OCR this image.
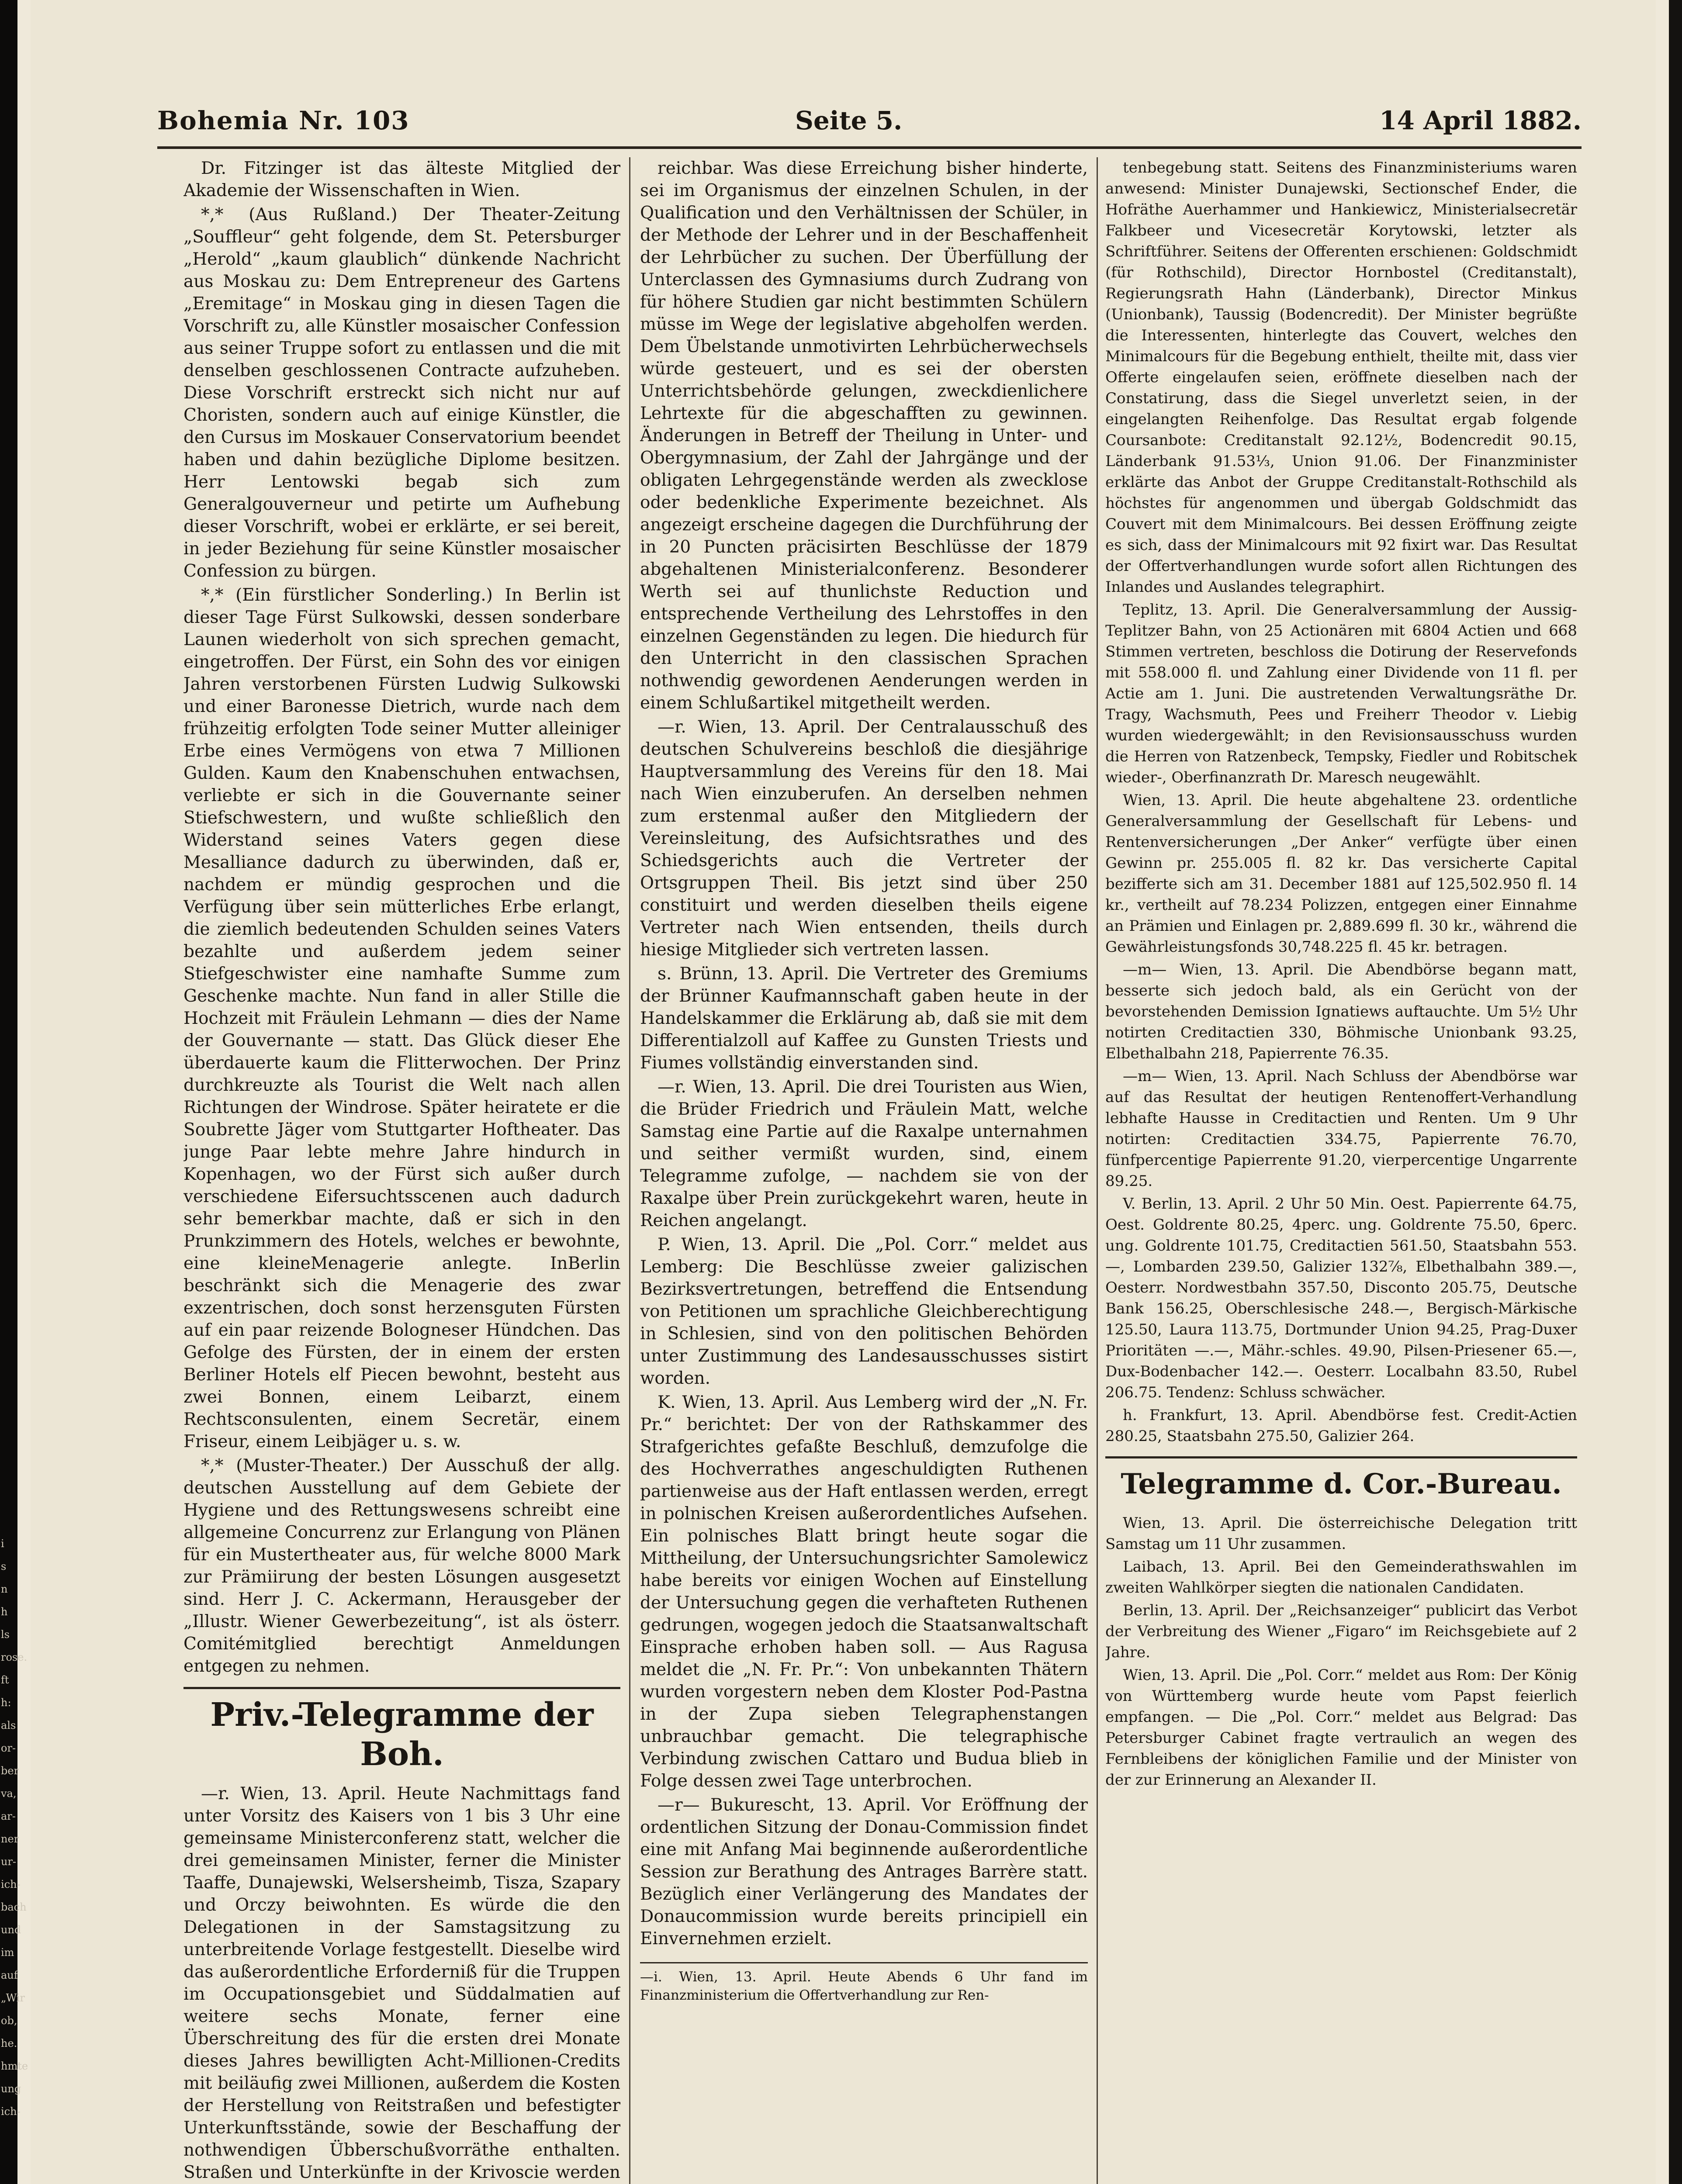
Bohemia Nr. 103	Seite 5.	14 April 1882.

Dr. Fitzinger ist das älteste Mitglied der Akademie der Wissenschaften in Wien.

*,* (Aus Rußland.) Der Theater-Zeitung „Souffleur“ geht folgende, dem St. Petersburger „Herold“ „kaum glaublich“ dünkende Nachricht aus Moskau zu: Dem Entrepreneur des Gartens „Eremitage“ in Moskau ging in diesen Tagen die Vorschrift zu, alle Künstler mosaischer Confession aus seiner Truppe sofort zu entlassen und die mit denselben geschlossenen Contracte aufzuheben. Diese Vorschrift erstreckt sich nicht nur auf Choristen, sondern auch auf einige Künstler, die den Cursus im Moskauer Conservatorium beendet haben und dahin bezügliche Diplome besitzen. Herr Lentowski begab sich zum Generalgouverneur und petirte um Aufhebung dieser Vorschrift, wobei er erklärte, er sei bereit, in jeder Beziehung für seine Künstler mosaischer Confession zu bürgen.

*,* (Ein fürstlicher Sonderling.) In Berlin ist dieser Tage Fürst Sulkowski, dessen sonderbare Launen wiederholt von sich sprechen gemacht, eingetroffen. Der Fürst, ein Sohn des vor einigen Jahren verstorbenen Fürsten Ludwig Sulkowski und einer Baronesse Dietrich, wurde nach dem frühzeitig erfolgten Tode seiner Mutter alleiniger Erbe eines Vermögens von etwa 7 Millionen Gulden. Kaum den Knabenschuhen entwachsen, verliebte er sich in die Gouvernante seiner Stiefschwestern, und wußte schließlich den Widerstand seines Vaters gegen diese Mesalliance dadurch zu überwinden, daß er, nachdem er mündig gesprochen und die Verfügung über sein mütterliches Erbe erlangt, die ziemlich bedeutenden Schulden seines Vaters bezahlte und außerdem jedem seiner Stiefgeschwister eine namhafte Summe zum Geschenke machte. Nun fand in aller Stille die Hochzeit mit Fräulein Lehmann — dies der Name der Gouvernante — statt. Das Glück dieser Ehe überdauerte kaum die Flitterwochen. Der Prinz durchkreuzte als Tourist die Welt nach allen Richtungen der Windrose. Später heiratete er die Soubrette Jäger vom Stuttgarter Hoftheater. Das junge Paar lebte mehre Jahre hindurch in Kopenhagen, wo der Fürst sich außer durch verschiedene Eifersuchtsscenen auch dadurch sehr bemerkbar machte, daß er sich in den Prunkzimmern des Hotels, welches er bewohnte, eine kleineMenagerie anlegte. InBerlin beschränkt sich die Menagerie des zwar exzentrischen, doch sonst herzensguten Fürsten auf ein paar reizende Bologneser Hündchen. Das Gefolge des Fürsten, der in einem der ersten Berliner Hotels elf Piecen bewohnt, besteht aus zwei Bonnen, einem Leibarzt, einem Rechtsconsulenten, einem Secretär, einem Friseur, einem Leibjäger u. s. w.

*,* (Muster-Theater.) Der Ausschuß der allg. deutschen Ausstellung auf dem Gebiete der Hygiene und des Rettungswesens schreibt eine allgemeine Concurrenz zur Erlangung von Plänen für ein Mustertheater aus, für welche 8000 Mark zur Prämiirung der besten Lösungen ausgesetzt sind. Herr J. C. Ackermann, Herausgeber der „Illustr. Wiener Gewerbezeitung“, ist als österr. Comitémitglied berechtigt Anmeldungen entgegen zu nehmen.

Priv.-Telegramme der Boh.

—r. Wien, 13. April. Heute Nachmittags fand unter Vorsitz des Kaisers von 1 bis 3 Uhr eine gemeinsame Ministerconferenz statt, welcher die drei gemeinsamen Minister, ferner die Minister Taaffe, Dunajewski, Welsersheimb, Tisza, Szapary und Orczy beiwohnten. Es würde die den Delegationen in der Samstagsitzung zu unterbreitende Vorlage festgestellt. Dieselbe wird das außerordentliche Erforderniß für die Truppen im Occupationsgebiet und Süddalmatien auf weitere sechs Monate, ferner eine Überschreitung des für die ersten drei Monate dieses Jahres bewilligten Acht-Millionen-Credits mit beiläufig zwei Millionen, außerdem die Kosten der Herstellung von Reitstraßen und befestigter Unterkunftsstände, sowie der Beschaffung der nothwendigen Übberschußvorräthe enthalten. Straßen und Unterkünfte in der Krivoscie werden

reichbar. Was diese Erreichung bisher hinderte, sei im Organismus der einzelnen Schulen, in der Qualification und den Verhältnissen der Schüler, in der Methode der Lehrer und in der Beschaffenheit der Lehrbücher zu suchen. Der Überfüllung der Unterclassen des Gymnasiums durch Zudrang von für höhere Studien gar nicht bestimmten Schülern müsse im Wege der legislative abgeholfen werden. Dem Übelstande unmotivirten Lehrbücherwechsels würde gesteuert, und es sei der obersten Unterrichtsbehörde gelungen, zweckdienlichere Lehrtexte für die abgeschafften zu gewinnen. Änderungen in Betreff der Theilung in Unter- und Obergymnasium, der Zahl der Jahrgänge und der obligaten Lehrgegenstände werden als zwecklose oder bedenkliche Experimente bezeichnet. Als angezeigt erscheine dagegen die Durchführung der in 20 Puncten präcisirten Beschlüsse der 1879 abgehaltenen Ministerialconferenz. Besonderer Werth sei auf thunlichste Reduction und entsprechende Vertheilung des Lehrstoffes in den einzelnen Gegenständen zu legen. Die hiedurch für den Unterricht in den classischen Sprachen nothwendig gewordenen Aenderungen werden in einem Schlußartikel mitgetheilt werden.

—r. Wien, 13. April. Der Centralausschuß des deutschen Schulvereins beschloß die diesjährige Hauptversammlung des Vereins für den 18. Mai nach Wien einzuberufen. An derselben nehmen zum erstenmal außer den Mitgliedern der Vereinsleitung, des Aufsichtsrathes und des Schiedsgerichts auch die Vertreter der Ortsgruppen Theil. Bis jetzt sind über 250 constituirt und werden dieselben theils eigene Vertreter nach Wien entsenden, theils durch hiesige Mitglieder sich vertreten lassen.

s. Brünn, 13. April. Die Vertreter des Gremiums der Brünner Kaufmannschaft gaben heute in der Handelskammer die Erklärung ab, daß sie mit dem Differentialzoll auf Kaffee zu Gunsten Triests und Fiumes vollständig einverstanden sind.

—r. Wien, 13. April. Die drei Touristen aus Wien, die Brüder Friedrich und Fräulein Matt, welche Samstag eine Partie auf die Raxalpe unternahmen und seither vermißt wurden, sind, einem Telegramme zufolge, — nachdem sie von der Raxalpe über Prein zurückgekehrt waren, heute in Reichen angelangt.

P. Wien, 13. April. Die „Pol. Corr.“ meldet aus Lemberg: Die Beschlüsse zweier galizischen Bezirksvertretungen, betreffend die Entsendung von Petitionen um sprachliche Gleichberechtigung in Schlesien, sind von den politischen Behörden unter Zustimmung des Landesausschusses sistirt worden.

K. Wien, 13. April. Aus Lemberg wird der „N. Fr. Pr.“ berichtet: Der von der Rathskammer des Strafgerichtes gefaßte Beschluß, demzufolge die des Hochverrathes angeschuldigten Ruthenen partienweise aus der Haft entlassen werden, erregt in polnischen Kreisen außerordentliches Aufsehen. Ein polnisches Blatt bringt heute sogar die Mittheilung, der Untersuchungsrichter Samolewicz habe bereits vor einigen Wochen auf Einstellung der Untersuchung gegen die verhafteten Ruthenen gedrungen, wogegen jedoch die Staatsanwaltschaft Einsprache erhoben haben soll. — Aus Ragusa meldet die „N. Fr. Pr.“: Von unbekannten Thätern wurden vorgestern neben dem Kloster Pod-Pastna in der Zupa sieben Telegraphenstangen unbrauchbar gemacht. Die telegraphische Verbindung zwischen Cattaro und Budua blieb in Folge dessen zwei Tage unterbrochen.

—r— Bukurescht, 13. April. Vor Eröffnung der ordentlichen Sitzung der Donau-Commission findet eine mit Anfang Mai beginnende außerordentliche Session zur Berathung des Antrages Barrère statt. Bezüglich einer Verlängerung des Mandates der Donaucommission wurde bereits principiell ein Einvernehmen erzielt.

—i. Wien, 13. April. Heute Abends 6 Uhr fand im Finanzministerium die Offertverhandlung zur Ren-

tenbegebung statt. Seitens des Finanzministeriums waren anwesend: Minister Dunajewski, Sectionschef Ender, die Hofräthe Auerhammer und Hankiewicz, Ministerialsecretär Falkbeer und Vicesecretär Korytowski, letzter als Schriftführer. Seitens der Offerenten erschienen: Goldschmidt (für Rothschild), Director Hornbostel (Creditanstalt), Regierungsrath Hahn (Länderbank), Director Minkus (Unionbank), Taussig (Bodencredit). Der Minister begrüßte die Interessenten, hinterlegte das Couvert, welches den Minimalcours für die Begebung enthielt, theilte mit, dass vier Offerte eingelaufen seien, eröffnete dieselben nach der Constatirung, dass die Siegel unverletzt seien, in der eingelangten Reihenfolge. Das Resultat ergab folgende Coursanbote: Creditanstalt 92.12½, Bodencredit 90.15, Länderbank 91.53⅓, Union 91.06. Der Finanzminister erklärte das Anbot der Gruppe Creditanstalt-Rothschild als höchstes für angenommen und übergab Goldschmidt das Couvert mit dem Minimalcours. Bei dessen Eröffnung zeigte es sich, dass der Minimalcours mit 92 fixirt war. Das Resultat der Offertverhandlungen wurde sofort allen Richtungen des Inlandes und Auslandes telegraphirt.

Teplitz, 13. April. Die Generalversammlung der Aussig-Teplitzer Bahn, von 25 Actionären mit 6804 Actien und 668 Stimmen vertreten, beschloss die Dotirung der Reservefonds mit 558.000 fl. und Zahlung einer Dividende von 11 fl. per Actie am 1. Juni. Die austretenden Verwaltungsräthe Dr. Tragy, Wachsmuth, Pees und Freiherr Theodor v. Liebig wurden wiedergewählt; in den Revisionsausschuss wurden die Herren von Ratzenbeck, Tempsky, Fiedler und Robitschek wieder-, Oberfinanzrath Dr. Maresch neugewählt.

Wien, 13. April. Die heute abgehaltene 23. ordentliche Generalversammlung der Gesellschaft für Lebens- und Rentenversicherungen „Der Anker“ verfügte über einen Gewinn pr. 255.005 fl. 82 kr. Das versicherte Capital bezifferte sich am 31. December 1881 auf 125,502.950 fl. 14 kr., vertheilt auf 78.234 Polizzen, entgegen einer Einnahme an Prämien und Einlagen pr. 2,889.699 fl. 30 kr., während die Gewährleistungsfonds 30,748.225 fl. 45 kr. betragen.

—m— Wien, 13. April. Die Abendbörse begann matt, besserte sich jedoch bald, als ein Gerücht von der bevorstehenden Demission Ignatiews auftauchte. Um 5½ Uhr notirten Creditactien 330, Böhmische Unionbank 93.25, Elbethalbahn 218, Papierrente 76.35.

—m— Wien, 13. April. Nach Schluss der Abendbörse war auf das Resultat der heutigen Rentenoffert-Verhandlung lebhafte Hausse in Creditactien und Renten. Um 9 Uhr notirten: Creditactien 334.75, Papierrente 76.70, fünfpercentige Papierrente 91.20, vierpercentige Ungarrente 89.25.

V. Berlin, 13. April. 2 Uhr 50 Min. Oest. Papierrente 64.75, Oest. Goldrente 80.25, 4perc. ung. Goldrente 75.50, 6perc. ung. Goldrente 101.75, Creditactien 561.50, Staatsbahn 553.—, Lombarden 239.50, Galizier 132⅞, Elbethalbahn 389.—, Oesterr. Nordwestbahn 357.50, Disconto 205.75, Deutsche Bank 156.25, Oberschlesische 248.—, Bergisch-Märkische 125.50, Laura 113.75, Dortmunder Union 94.25, Prag-Duxer Prioritäten —.—, Mähr.-schles. 49.90, Pilsen-Priesener 65.—, Dux-Bodenbacher 142.—. Oesterr. Localbahn 83.50, Rubel 206.75. Tendenz: Schluss schwächer.

h. Frankfurt, 13. April. Abendbörse fest. Credit-Actien 280.25, Staatsbahn 275.50, Galizier 264.

Telegramme d. Cor.-Bureau.

Wien, 13. April. Die österreichische Delegation tritt Samstag um 11 Uhr zusammen.

Laibach, 13. April. Bei den Gemeinderathswahlen im zweiten Wahlkörper siegten die nationalen Candidaten.

Berlin, 13. April. Der „Reichsanzeiger“ publicirt das Verbot der Verbreitung des Wiener „Figaro“ im Reichsgebiete auf 2 Jahre.

Wien, 13. April. Die „Pol. Corr.“ meldet aus Rom: Der König von Württemberg wurde heute vom Papst feierlich empfangen. — Die „Pol. Corr.“ meldet aus Belgrad: Das Petersburger Cabinet fragte vertraulich an wegen des Fernbleibens der königlichen Familie und der Minister von der zur Erinnerung an Alexander II.

i
s
n
h
ls
rose.
ft
h:
als
or-
ber
va,
ar-
ner
ur-
ich-
bach
und
im
auf
„Wir
ob,
he.
hmte
ung
ich-
